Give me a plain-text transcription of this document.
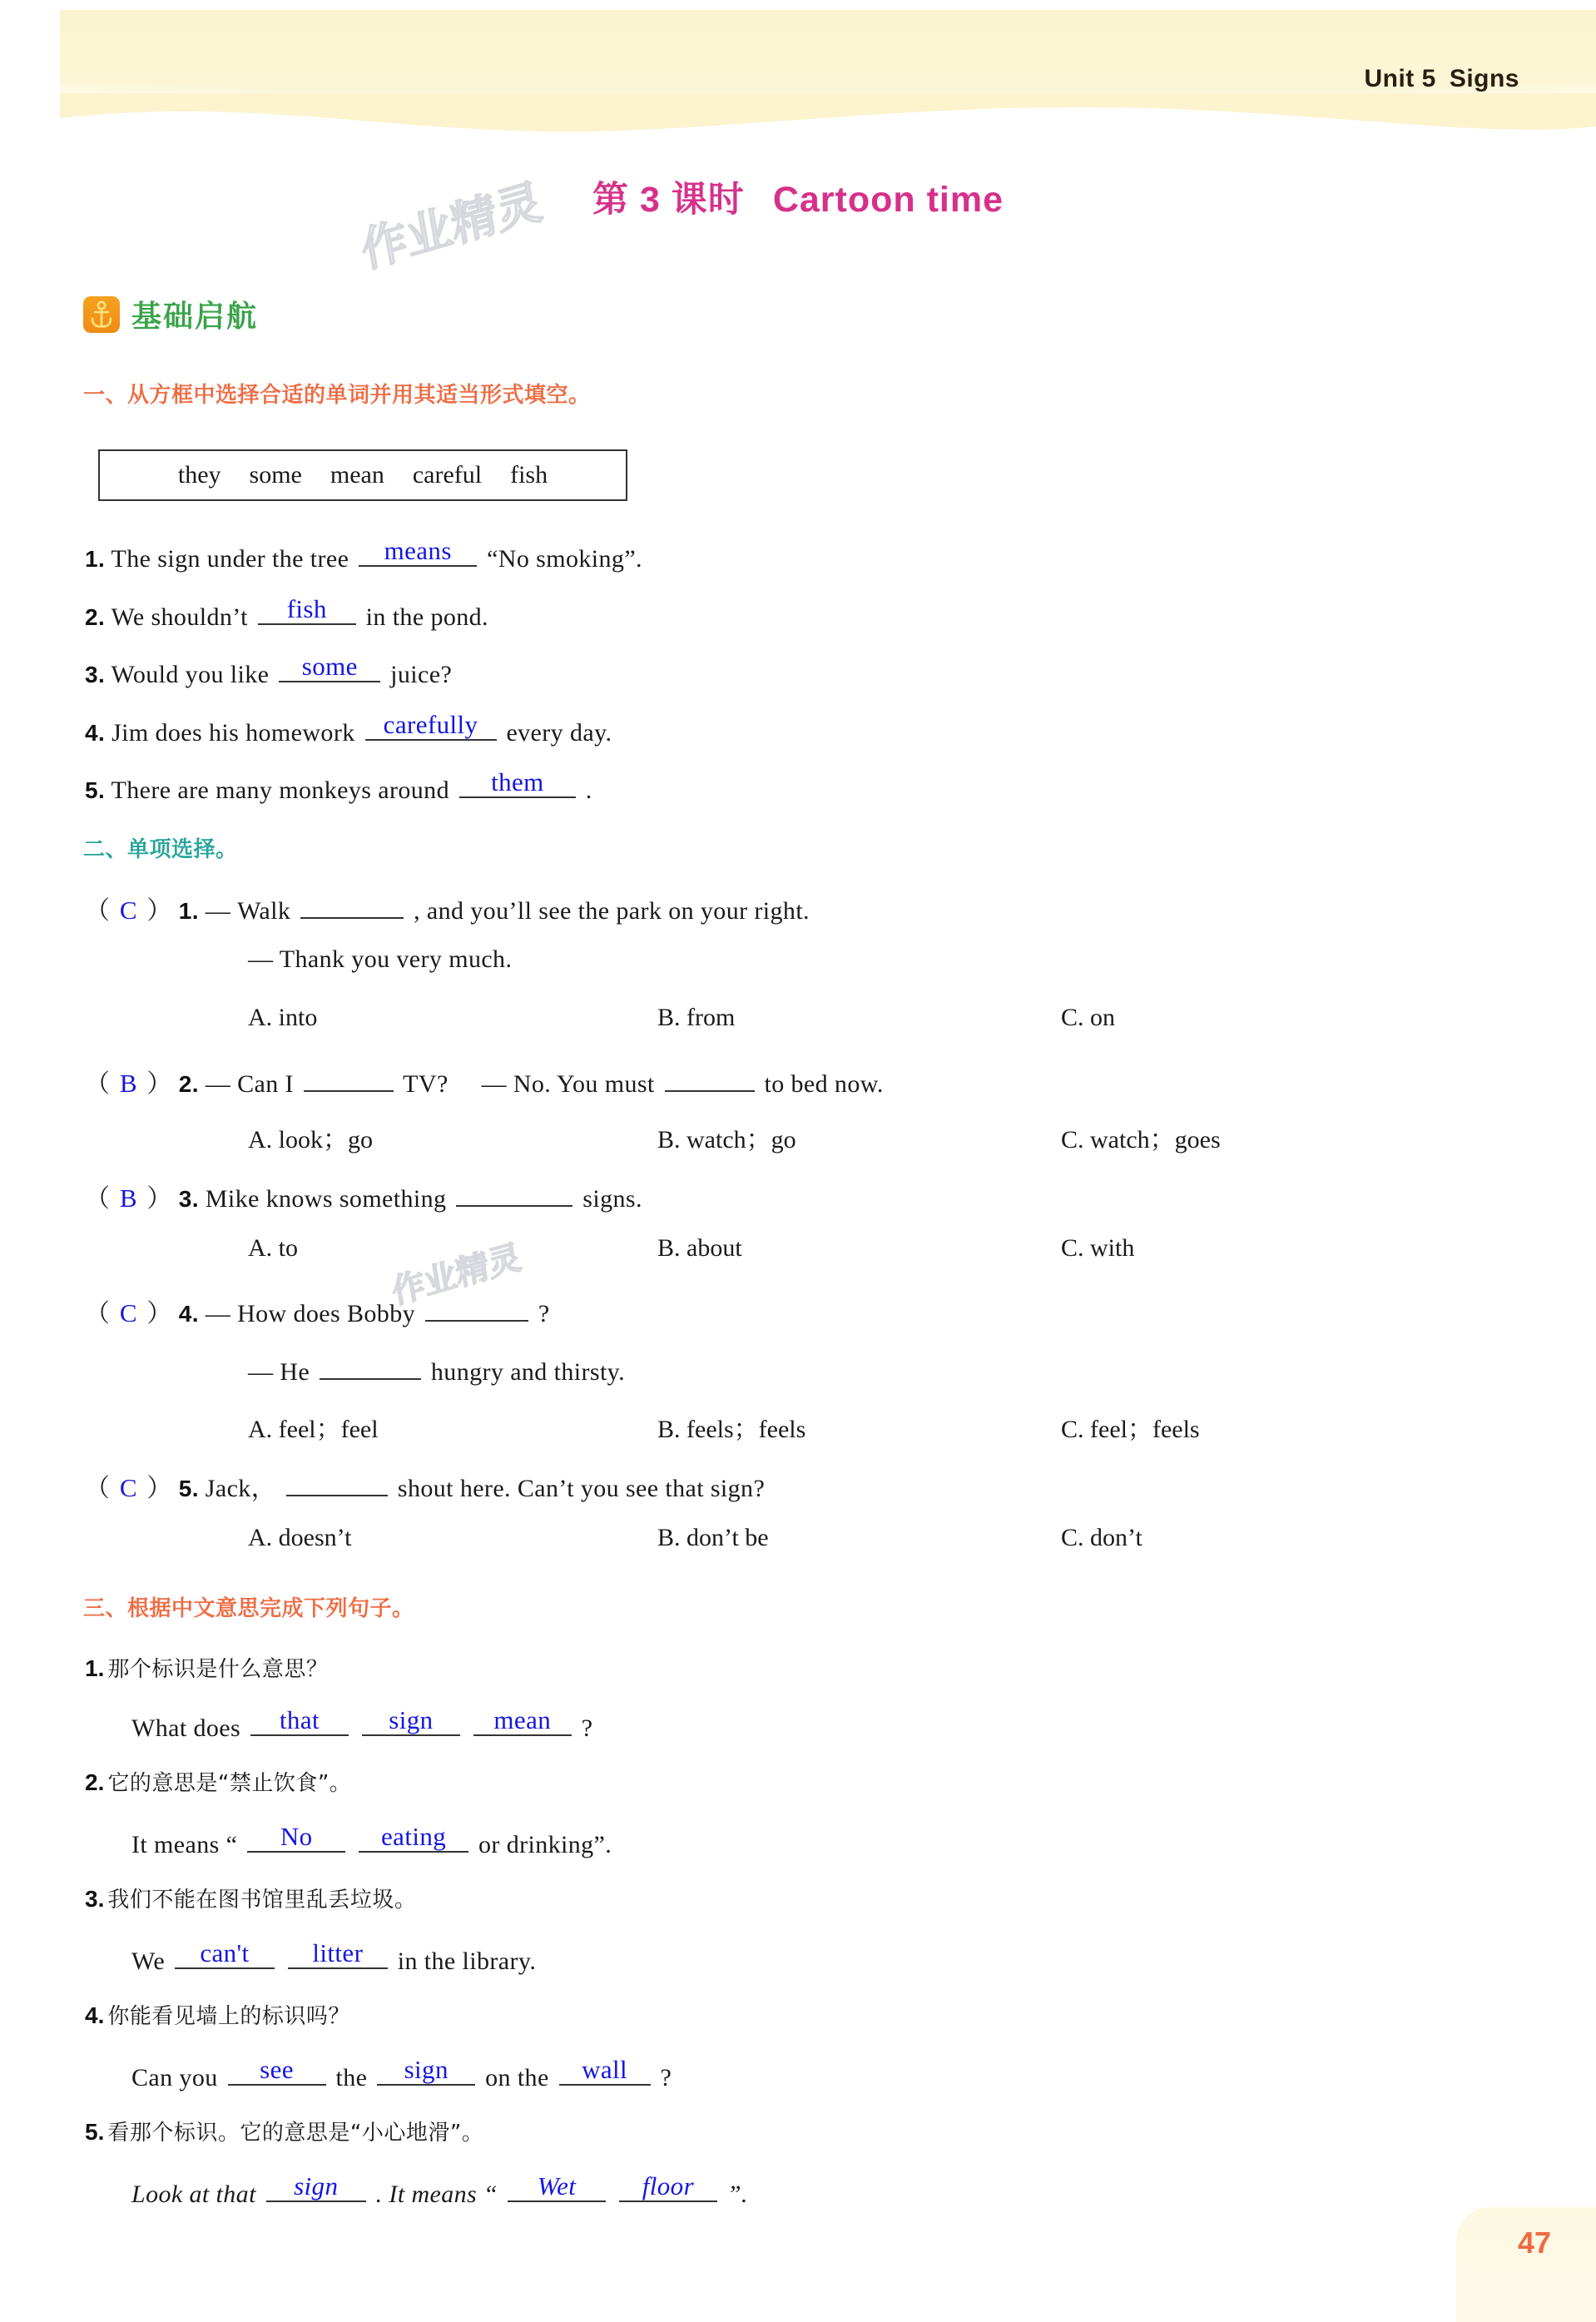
Unit 5 Signs
第 3 课时 Cartoon time
作业精灵
作业精灵
基础启航
一、从方框中选择合适的单词并用其适当形式填空。
they some mean careful fish
1. The sign under the tree means “No smoking”.
2. We shouldn’t fish in the pond.
3. Would you like some juice?
4. Jim does his homework carefully every day.
5. There are many monkeys around them .
二、单项选择。
（ C ） 1. — Walk	, and you’ll see the park on your right.
— Thank you very much.
A. into	B. from	C. on
（ B ） 2. — Can I	TV? — No. You must	to bed now.
A. look；go	B. watch；go	C. watch；goes
（ B ） 3. Mike knows something	signs.
A. to	B. about	C. with
（ C ） 4. — How does Bobby	?
— He	hungry and thirsty.
A. feel；feel	B. feels；feels	C. feel；feels
（ C ） 5. Jack，	shout here. Can’t you see that sign?
A. doesn’t	B. don’t be	C. don’t
三、根据中文意思完成下列句子。
1. 那个标识是什么意思？
What does that
	sign
mean ?
2. 它的意思是“禁止饮食”。
It means “ No
	eating or drinking”.
3. 我们不能在图书馆里乱丢垃圾。
We can't
litter in the library.
4. 你能看见墙上的标识吗？
Can you see the sign on the wall ?
5. 看那个标识。它的意思是“小心地滑”。
Look at that sign . It means “ Wet
	floor ”.
47
